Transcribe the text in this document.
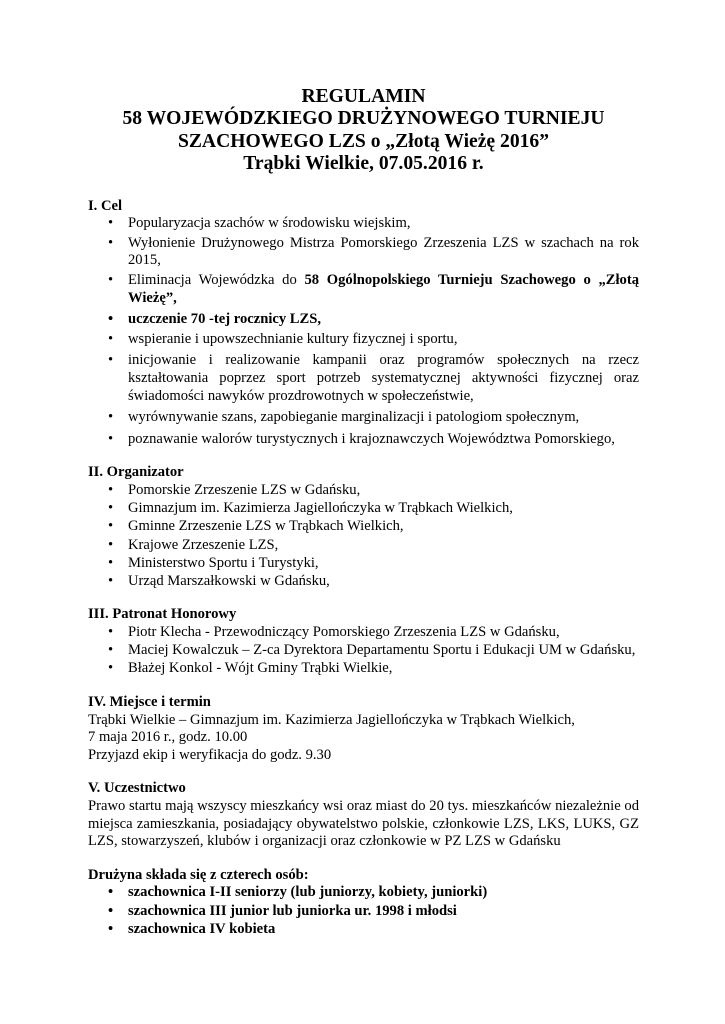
REGULAMIN
58 WOJEWÓDZKIEGO DRUŻYNOWEGO TURNIEJU
SZACHOWEGO LZS o „Złotą Wieżę 2016”
Trąbki Wielkie, 07.05.2016 r.

I. Cel

• Popularyzacja szachów w środowisku wiejskim,
• Wyłonienie Drużynowego Mistrza Pomorskiego Zrzeszenia LZS w szachach na rok 2015,
• Eliminacja Wojewódzka do 58 Ogólnopolskiego Turnieju Szachowego o „Złotą Wieżę”,
• uczczenie 70 -tej rocznicy LZS,
• wspieranie i upowszechnianie kultury fizycznej i sportu,
• inicjowanie i realizowanie kampanii oraz programów społecznych na rzecz kształtowania poprzez sport potrzeb systematycznej aktywności fizycznej oraz świadomości nawyków prozdrowotnych w społeczeństwie,
• wyrównywanie szans, zapobieganie marginalizacji i patologiom społecznym,
• poznawanie walorów turystycznych i krajoznawczych Województwa Pomorskiego,

II. Organizator

• Pomorskie Zrzeszenie LZS w Gdańsku,
• Gimnazjum im. Kazimierza Jagiellończyka w Trąbkach Wielkich,
• Gminne Zrzeszenie LZS w Trąbkach Wielkich,
• Krajowe Zrzeszenie LZS,
• Ministerstwo Sportu i Turystyki,
• Urząd Marszałkowski w Gdańsku,

III. Patronat Honorowy

• Piotr Klecha - Przewodniczący Pomorskiego Zrzeszenia LZS w Gdańsku,
• Maciej Kowalczuk – Z-ca Dyrektora Departamentu Sportu i Edukacji UM w Gdańsku,
• Błażej Konkol - Wójt Gminy Trąbki Wielkie,

IV. Miejsce i termin

Trąbki Wielkie – Gimnazjum im. Kazimierza Jagiellończyka w Trąbkach Wielkich,

7 maja 2016 r., godz. 10.00

Przyjazd ekip i weryfikacja do godz. 9.30

V. Uczestnictwo

Prawo startu mają wszyscy mieszkańcy wsi oraz miast do 20 tys. mieszkańców niezależnie od miejsca zamieszkania, posiadający obywatelstwo polskie, członkowie LZS, LKS, LUKS, GZ LZS, stowarzyszeń, klubów i organizacji oraz członkowie w PZ LZS w Gdańsku

Drużyna składa się z czterech osób:

• szachownica I-II seniorzy (lub juniorzy, kobiety, juniorki)
• szachownica III junior lub juniorka ur. 1998 i młodsi
• szachownica IV kobieta
